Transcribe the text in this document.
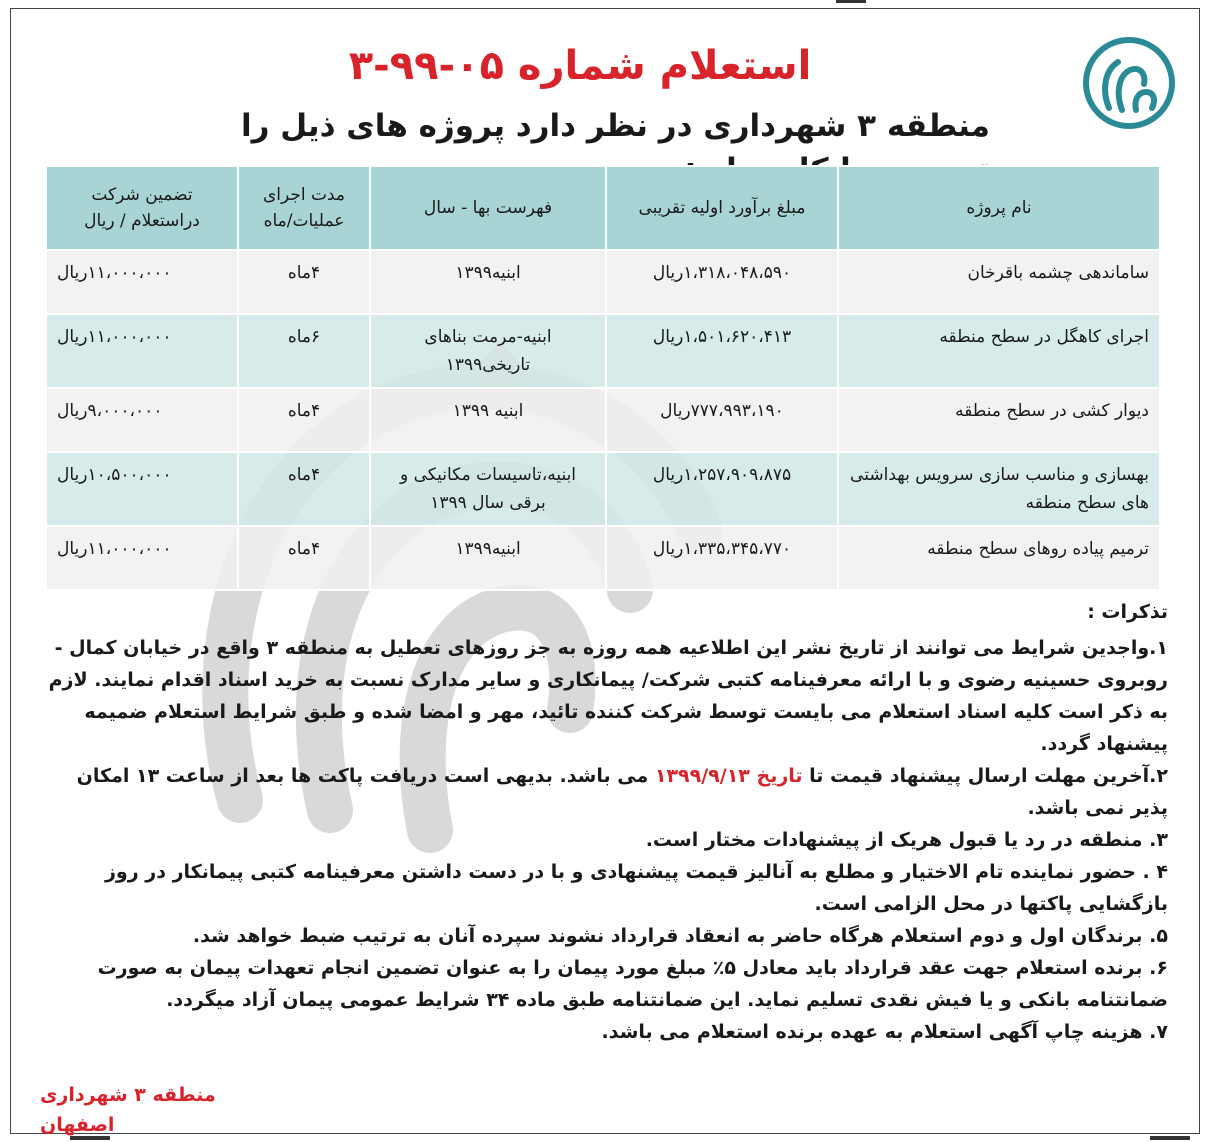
استعلام شماره ۰۵-۹۹-۳
منطقه ۳ شهرداری در نظر دارد پروژه های ذیل را
نام پروژه	مبلغ برآورد اولیه تقریبی	فهرست بها - سال	مدت اجرای عملیات/ماه	تضمین شرکت دراستعلام / ریال
ساماندهی چشمه باقرخان	۱،۳۱۸،۰۴۸،۵۹۰ریال	ابنیه۱۳۹۹	۴ماه	۱۱،۰۰۰،۰۰۰ریال
اجرای کاهگل در سطح منطقه	۱،۵۰۱،۶۲۰،۴۱۳ریال	ابنیه-مرمت بناهای تاریخی۱۳۹۹	۶ماه	۱۱،۰۰۰،۰۰۰ریال
دیوار کشی در سطح منطقه	۷۷۷،۹۹۳،۱۹۰ریال	ابنیه ۱۳۹۹	۴ماه	۹،۰۰۰،۰۰۰ریال
بهسازی و مناسب سازی سرویس بهداشتی های سطح منطقه	۱،۲۵۷،۹۰۹،۸۷۵ریال	ابنیه،تاسیسات مکانیکی و برقی سال ۱۳۹۹	۴ماه	۱۰،۵۰۰،۰۰۰ریال
ترمیم پیاده روهای سطح منطقه	۱،۳۳۵،۳۴۵،۷۷۰ریال	ابنیه۱۳۹۹	۴ماه	۱۱،۰۰۰،۰۰۰ریال

تذکرات :

۱.واجدین شرایط می توانند از تاریخ نشر این اطلاعیه همه روزه به جز روزهای تعطیل به منطقه ۳ واقع در خیابان کمال - روبروی حسینیه رضوی و با ارائه معرفینامه کتبی شرکت/ پیمانکاری و سایر مدارک نسبت به خرید اسناد اقدام نمایند. لازم به ذکر است کلیه اسناد استعلام می بایست توسط شرکت کننده تائید، مهر و امضا شده و طبق شرایط استعلام ضمیمه پیشنهاد گردد.

۲.آخرین مهلت ارسال پیشنهاد قیمت تا تاریخ ۱۳۹۹/۹/۱۳ می باشد. بدیهی است دریافت پاکت ها بعد از ساعت ۱۳ امکان پذیر نمی باشد.

۳. منطقه در رد یا قبول هریک از پیشنهادات مختار است.

۴ . حضور نماینده تام الاختیار و مطلع به آنالیز قیمت پیشنهادی و با در دست داشتن معرفینامه کتبی پیمانکار در روز بازگشایی پاکتها در محل الزامی است.

۵. برندگان اول و دوم استعلام هرگاه حاضر به انعقاد قرارداد نشوند سپرده آنان به ترتیب ضبط خواهد شد.

۶. برنده استعلام جهت عقد قرارداد باید معادل ۵٪ مبلغ مورد پیمان را به عنوان تضمین انجام تعهدات پیمان به صورت ضمانتنامه بانکی و یا فیش نقدی تسلیم نماید. این ضمانتنامه طبق ماده ۳۴ شرایط عمومی پیمان آزاد میگردد.

۷. هزینه چاپ آگهی استعلام به عهده برنده استعلام می باشد.

منطقه ۳ شهرداری اصفهان
